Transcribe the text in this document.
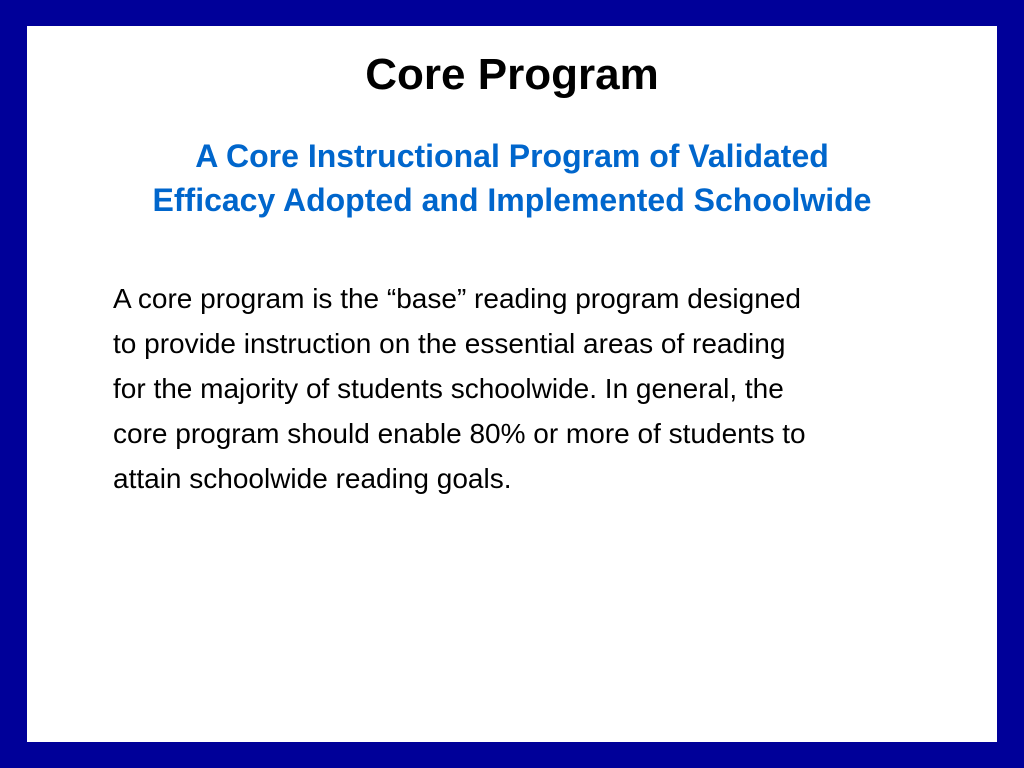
Core Program
A Core Instructional Program of Validated
Efficacy Adopted and Implemented Schoolwide

A core program is the “base” reading program designed
to provide instruction on the essential areas of reading
for the majority of students schoolwide. In general, the
core program should enable 80% or more of students to
attain schoolwide reading goals.
